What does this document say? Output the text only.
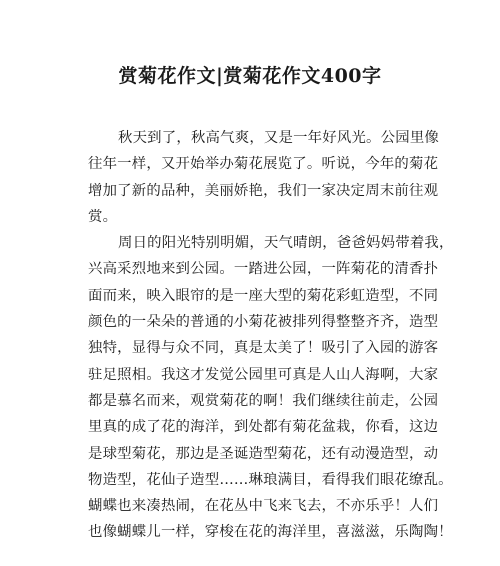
赏菊花作文|赏菊花作文400字
秋天到了，秋高气爽，又是一年好风光。公园里像
往年一样，又开始举办菊花展览了。听说，今年的菊花
增加了新的品种，美丽娇艳，我们一家决定周末前往观
赏。
周日的阳光特别明媚，天气晴朗，爸爸妈妈带着我，
兴高采烈地来到公园。一踏进公园，一阵菊花的清香扑
面而来，映入眼帘的是一座大型的菊花彩虹造型，不同
颜色的一朵朵的普通的小菊花被排列得整整齐齐，造型
独特，显得与众不同，真是太美了！吸引了入园的游客
驻足照相。我这才发觉公园里可真是人山人海啊，大家
都是慕名而来，观赏菊花的啊！我们继续往前走，公园
里真的成了花的海洋，到处都有菊花盆栽，你看，这边
是球型菊花，那边是圣诞造型菊花，还有动漫造型，动
物造型，花仙子造型……琳琅满目，看得我们眼花缭乱。
蝴蝶也来凑热闹，在花丛中飞来飞去，不亦乐乎！人们
也像蝴蝶儿一样，穿梭在花的海洋里，喜滋滋，乐陶陶！
